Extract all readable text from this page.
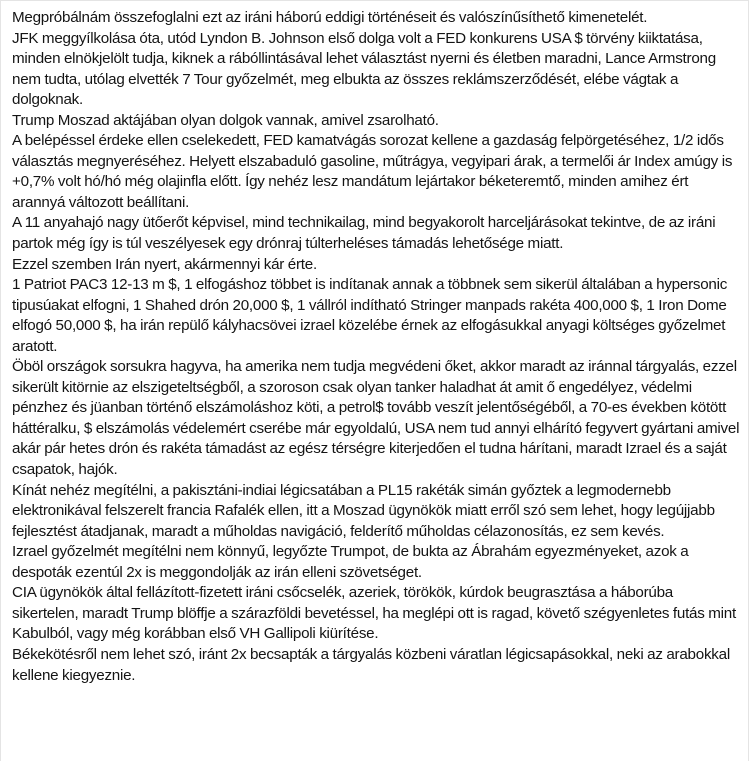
Megpróbálnám összefoglalni ezt az iráni háború eddigi történéseit és valószínűsíthető kimenetelét.

JFK meggyílkolása óta, utód Lyndon B. Johnson első dolga volt a FED konkurens USA $ törvény kiiktatása, minden elnökjelölt tudja, kiknek a rábóllintásával lehet választást nyerni és életben maradni, Lance Armstrong nem tudta, utólag elvették 7 Tour győzelmét, meg elbukta az összes reklámszerződését, elébe vágtak a dolgoknak.

Trump Moszad aktájában olyan dolgok vannak, amivel zsarolható.

A belépéssel érdeke ellen cselekedett, FED kamatvágás sorozat kellene a gazdaság felpörgetéséhez, 1/2 idős választás megnyeréséhez. Helyett elszabaduló gasoline, műtrágya, vegyipari árak, a termelői ár Index amúgy is +0,7% volt hó/hó még olajinfla előtt. Így nehéz lesz mandátum lejártakor béketeremtő, minden amihez ért arannyá változott beállítani.

A 11 anyahajó nagy ütőerőt képvisel, mind technikailag, mind begyakorolt harceljárásokat tekintve, de az iráni partok még így is túl veszélyesek egy drónraj túlterheléses támadás lehetősége miatt.

Ezzel szemben Irán nyert, akármennyi kár érte.

1 Patriot PAC3 12-13 m $, 1 elfogáshoz többet is indítanak annak a többnek sem sikerül általában a hypersonic tipusúakat elfogni, 1 Shahed drón 20,000 $, 1 vállról indítható Stringer manpads rakéta 400,000 $, 1 Iron Dome elfogó 50,000 $, ha irán repülő kályhacsövei izrael közelébe érnek az elfogásukkal anyagi költséges győzelmet aratott.

Öböl országok sorsukra hagyva, ha amerika nem tudja megvédeni őket, akkor maradt az iránnal tárgyalás, ezzel sikerült kitörnie az elszigeteltségből, a szoroson csak olyan tanker haladhat át amit ő engedélyez, védelmi pénzhez és jüanban történő elszámoláshoz köti, a petrol$ tovább veszít jelentőségéből, a 70-es években kötött háttéralku, $ elszámolás védelemért cserébe már egyoldalú, USA nem tud annyi elhárító fegyvert gyártani amivel akár pár hetes drón és rakéta támadást az egész térségre kiterjedően el tudna hárítani, maradt Izrael és a saját csapatok, hajók.

Kínát nehéz megítélni, a pakisztáni-indiai légicsatában a PL15 rakéták simán győztek a legmodernebb elektronikával felszerelt francia Rafalék ellen, itt a Moszad ügynökök miatt erről szó sem lehet, hogy legújjabb fejlesztést átadjanak, maradt a műholdas navigáció, felderítő műholdas célazonosítás, ez sem kevés.

Izrael győzelmét megítélni nem könnyű, legyőzte Trumpot, de bukta az Ábrahám egyezményeket, azok a despoták ezentúl 2x is meggondolják az irán elleni szövetséget.

CIA ügynökök által fellázított-fizetett iráni csőcselék, azeriek, törökök, kúrdok beugrasztása a háborúba sikertelen, maradt Trump blöffje a szárazföldi bevetéssel, ha meglépi ott is ragad, követő szégyenletes futás mint Kabulból, vagy még korábban első VH Gallipoli kiürítése.

Békekötésről nem lehet szó, iránt 2x becsapták a tárgyalás közbeni váratlan légicsapásokkal, neki az arabokkal kellene kiegyeznie.
